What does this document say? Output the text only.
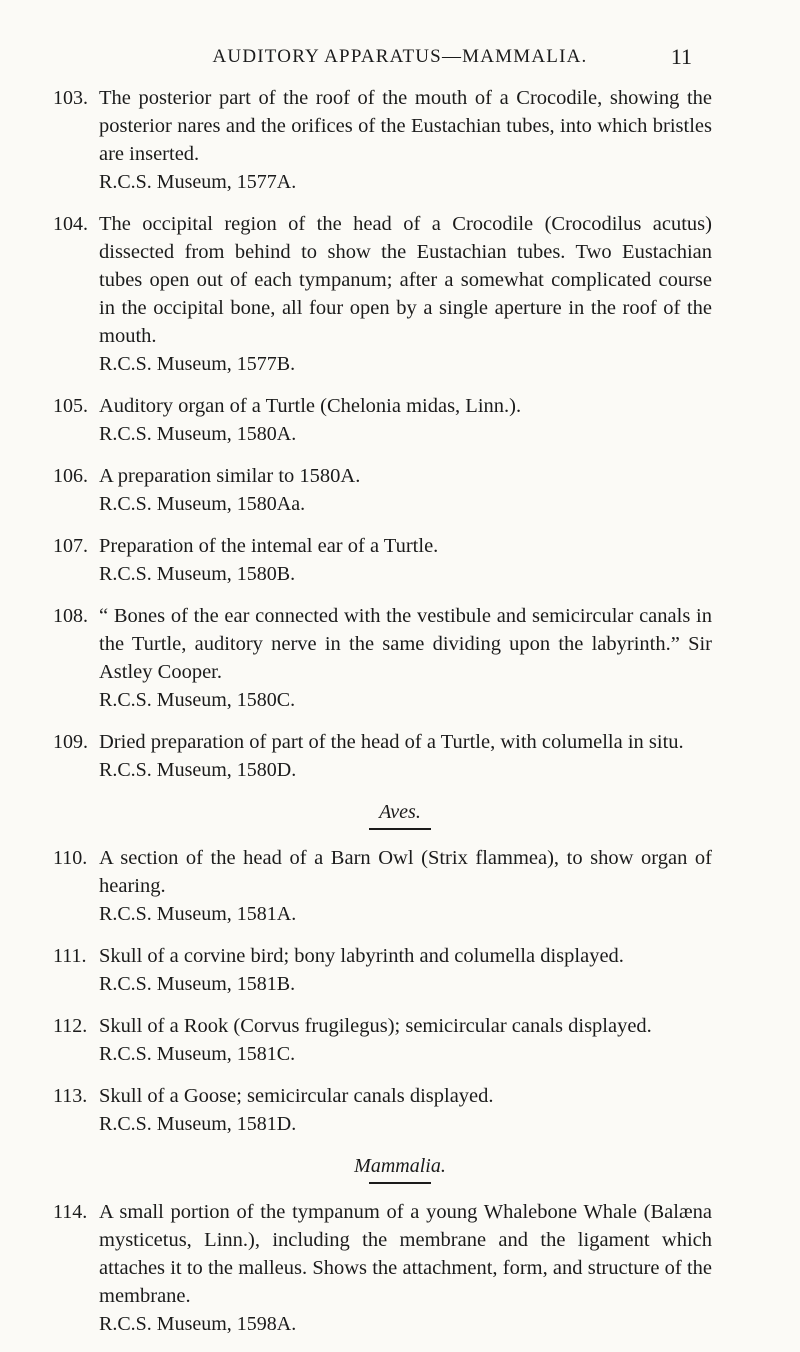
AUDITORY APPARATUS—MAMMALIA.	11
103. The posterior part of the roof of the mouth of a Crocodile, showing the posterior nares and the orifices of the Eustachian tubes, into which bristles are inserted.
R.C.S. Museum, 1577A.
104. The occipital region of the head of a Crocodile (Crocodilus acutus) dissected from behind to show the Eustachian tubes. Two Eustachian tubes open out of each tympanum; after a somewhat complicated course in the occipital bone, all four open by a single aperture in the roof of the mouth.
R.C.S. Museum, 1577B.
105. Auditory organ of a Turtle (Chelonia midas, Linn.).
R.C.S. Museum, 1580A.
106. A preparation similar to 1580A.
R.C.S. Museum, 1580Aa.
107. Preparation of the intemal ear of a Turtle.
R.C.S. Museum, 1580B.
108. “ Bones of the ear connected with the vestibule and semicircular canals in the Turtle, auditory nerve in the same dividing upon the labyrinth.” Sir Astley Cooper.
R.C.S. Museum, 1580C.
109. Dried preparation of part of the head of a Turtle, with columella in situ.
R.C.S. Museum, 1580D.
Aves.
110. A section of the head of a Barn Owl (Strix flammea), to show organ of hearing.
R.C.S. Museum, 1581A.
111. Skull of a corvine bird; bony labyrinth and columella displayed.
R.C.S. Museum, 1581B.
112. Skull of a Rook (Corvus frugilegus); semicircular canals displayed.
R.C.S. Museum, 1581C.
113. Skull of a Goose; semicircular canals displayed.
R.C.S. Museum, 1581D.
Mammalia.
114. A small portion of the tympanum of a young Whalebone Whale (Balæna mysticetus, Linn.), including the membrane and the ligament which attaches it to the malleus. Shows the attachment, form, and structure of the membrane.
R.C.S. Museum, 1598A.
